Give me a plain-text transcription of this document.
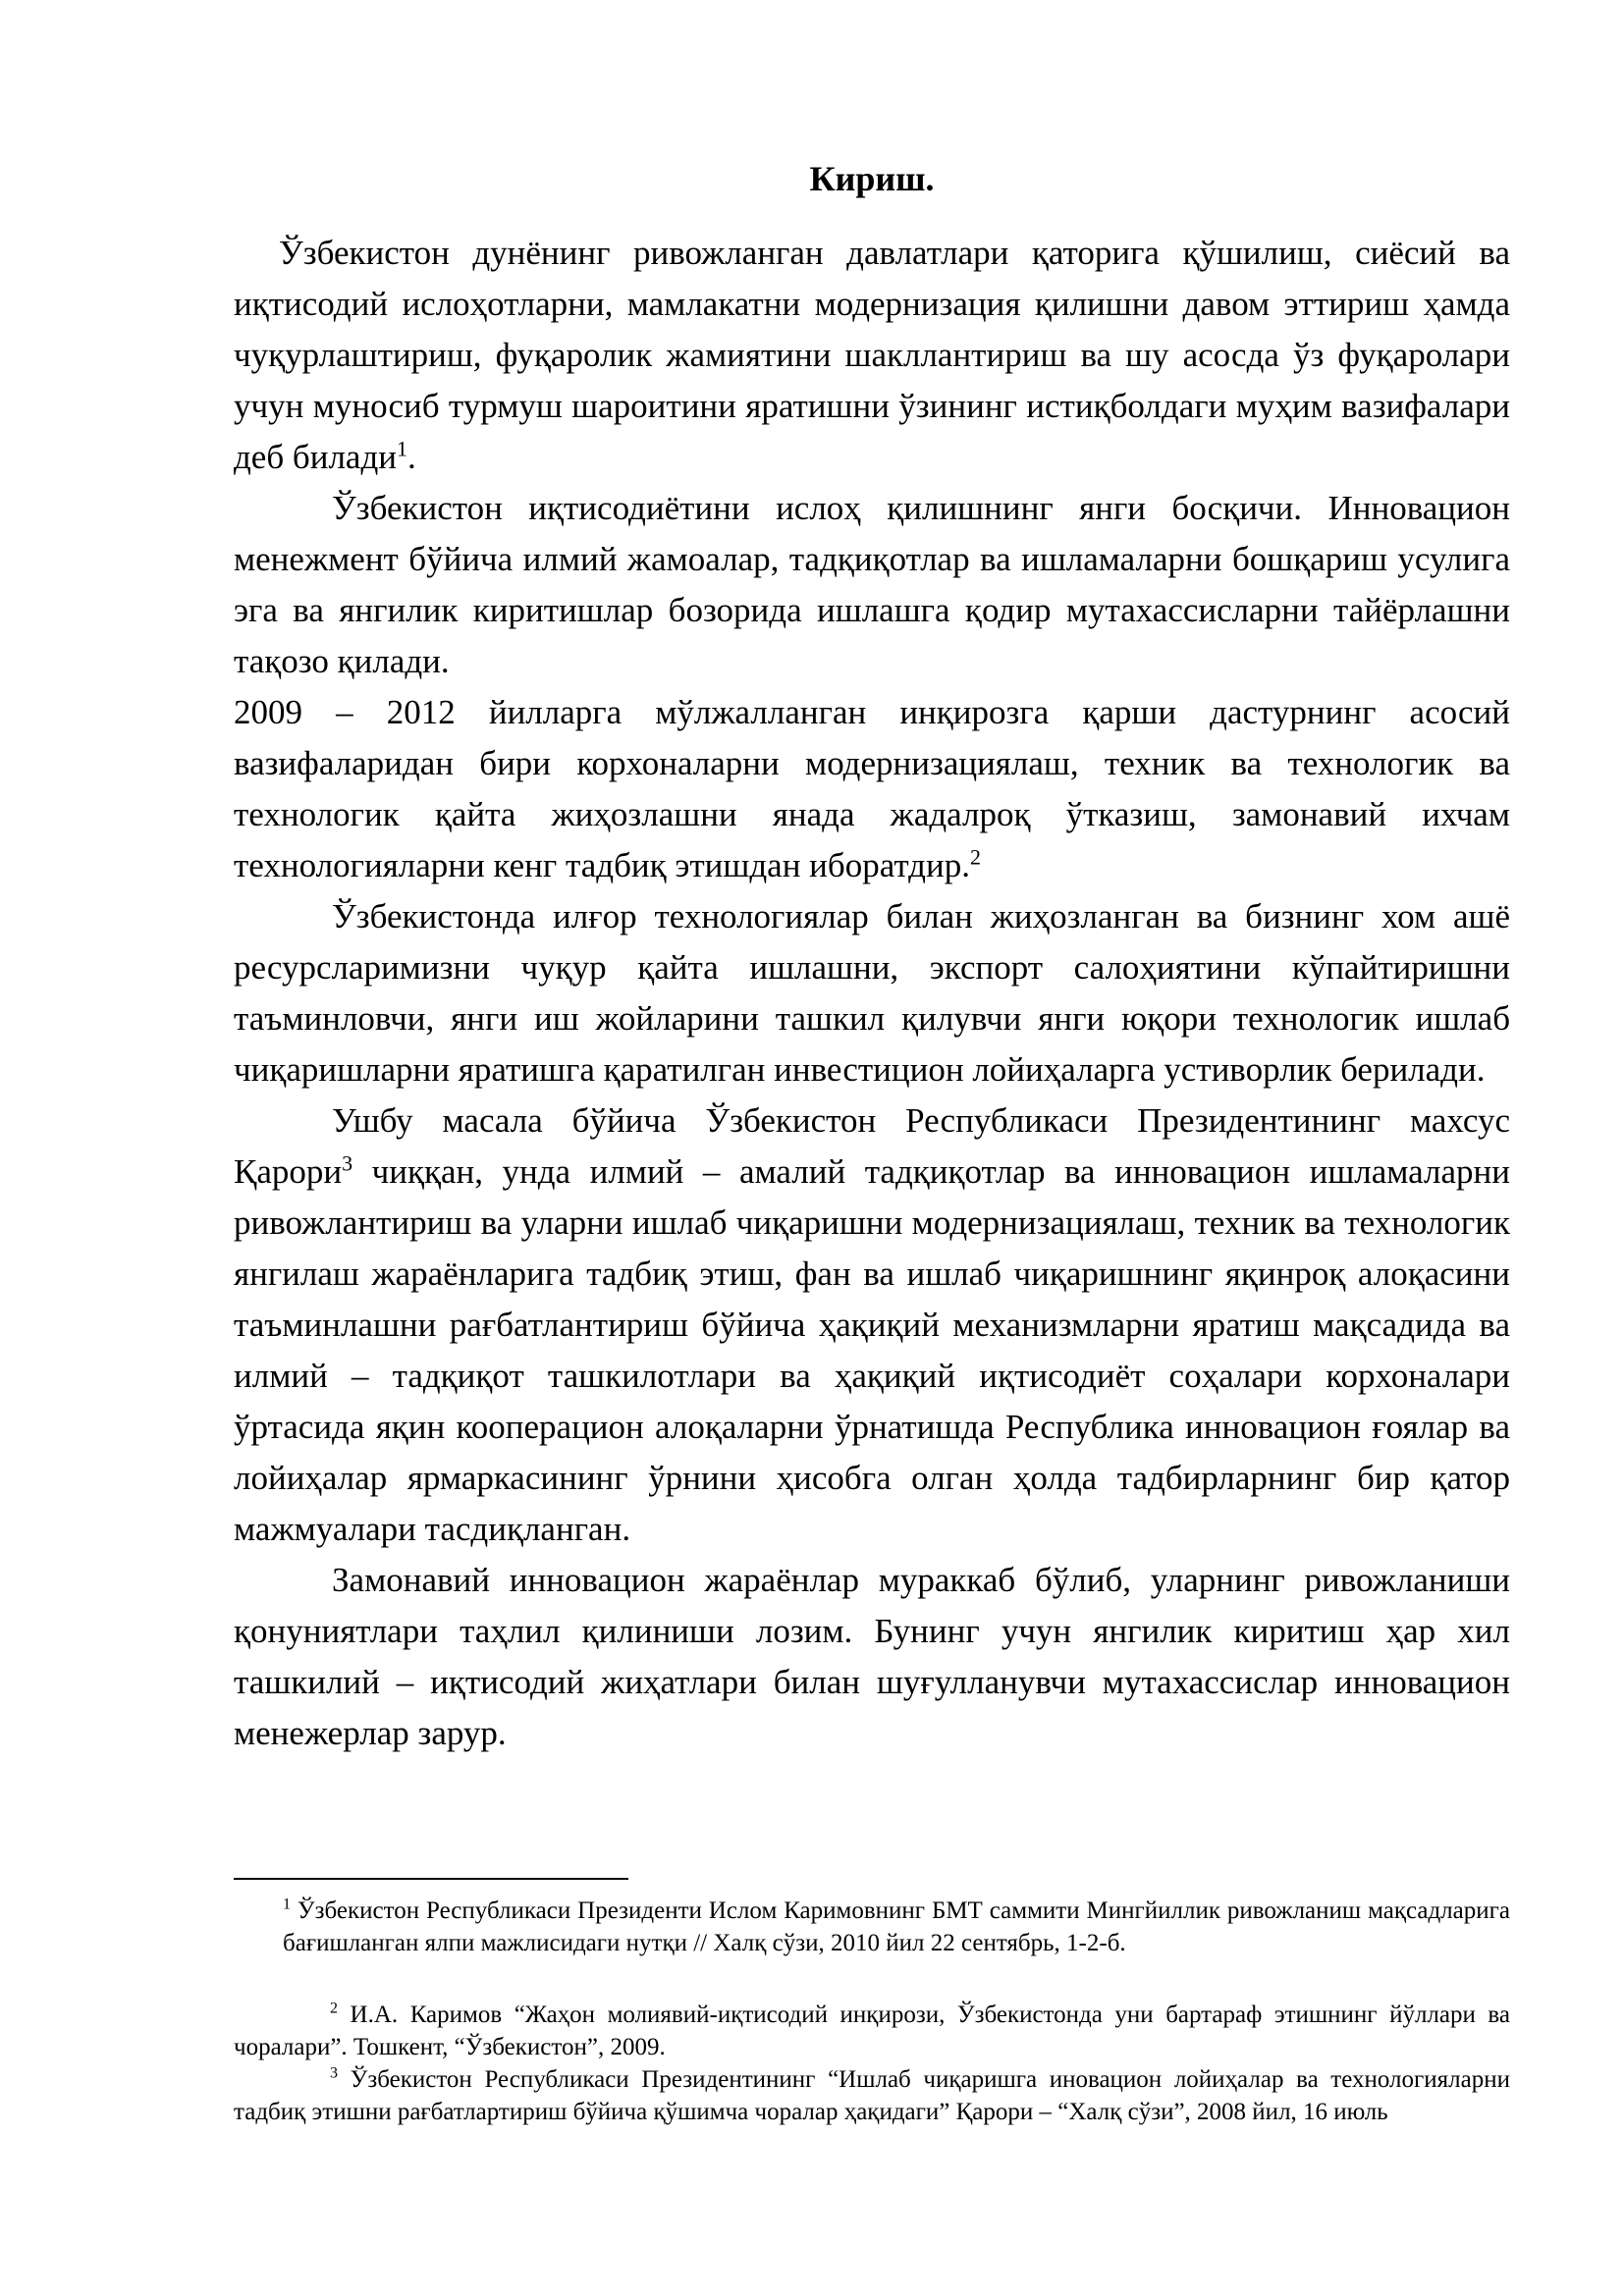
Кириш.

Ўзбекистон дунёнинг ривожланган давлатлари қаторига қўшилиш, сиёсий ва иқтисодий ислоҳотларни, мамлакатни модернизация қилишни давом эттириш ҳамда чуқурлаштириш, фуқаролик жамиятини шакллантириш ва шу асосда ўз фуқаролари учун муносиб турмуш шароитини яратишни ўзининг истиқболдаги муҳим вазифалари деб билади$^1$.

Ўзбекистон иқтисодиётини ислоҳ қилишнинг янги босқичи. Инновацион менежмент бўйича илмий жамоалар, тадқиқотлар ва ишламаларни бошқариш усулига эга ва янгилик киритишлар бозорида ишлашга қодир мутахассисларни тайёрлашни тақозо қилади.

2009 – 2012 йилларга мўлжалланган инқирозга қарши дастурнинг асосий вазифаларидан бири корхоналарни модернизациялаш, техник ва технологик ва технологик қайта жиҳозлашни янада жадалроқ ўтказиш, замонавий ихчам технологияларни кенг тадбиқ этишдан иборатдир.$^2$

Ўзбекистонда илғор технологиялар билан жиҳозланган ва бизнинг хом ашё ресурсларимизни чуқур қайта ишлашни, экспорт салоҳиятини кўпайтиришни таъминловчи, янги иш жойларини ташкил қилувчи янги юқори технологик ишлаб чиқаришларни яратишга қаратилган инвестицион лойиҳаларга устиворлик берилади.

Ушбу масала бўйича Ўзбекистон Республикаси Президентининг махсус Қарори$^3$ чиққан, унда илмий – амалий тадқиқотлар ва инновацион ишламаларни ривожлантириш ва уларни ишлаб чиқаришни модернизациялаш, техник ва технологик янгилаш жараёнларига тадбиқ этиш, фан ва ишлаб чиқаришнинг яқинроқ алоқасини таъминлашни рағбатлантириш бўйича ҳақиқий механизмларни яратиш мақсадида ва илмий – тадқиқот ташкилотлари ва ҳақиқий иқтисодиёт соҳалари корхоналари ўртасида яқин кооперацион алоқаларни ўрнатишда Республика инновацион ғоялар ва лойиҳалар ярмаркасининг ўрнини ҳисобга олган ҳолда тадбирларнинг бир қатор мажмуалари тасдиқланган.

Замонавий инновацион жараёнлар мураккаб бўлиб, уларнинг ривожланиши қонуниятлари таҳлил қилиниши лозим. Бунинг учун янгилик киритиш ҳар хил ташкилий – иқтисодий жиҳатлари билан шуғулланувчи мутахассислар инновацион менежерлар зарур.

$^1$ Ўзбекистон Республикаси Президенти Ислом Каримовнинг БМТ саммити Мингйиллик ривожланиш мақсадларига бағишланган ялпи мажлисидаги нутқи // Халқ сўзи, 2010 йил 22 сентябрь, 1-2-б.

$^2$ И.А. Каримов “Жаҳон молиявий-иқтисодий инқирози, Ўзбекистонда уни бартараф этишнинг йўллари ва чоралари”. Тошкент, “Ўзбекистон”, 2009.

$^3$ Ўзбекистон Республикаси Президентининг “Ишлаб чиқаришга иновацион лойиҳалар ва технологияларни тадбиқ этишни рағбатлартириш бўйича қўшимча чоралар ҳақидаги” Қарори – “Халқ сўзи”, 2008 йил, 16 июль
